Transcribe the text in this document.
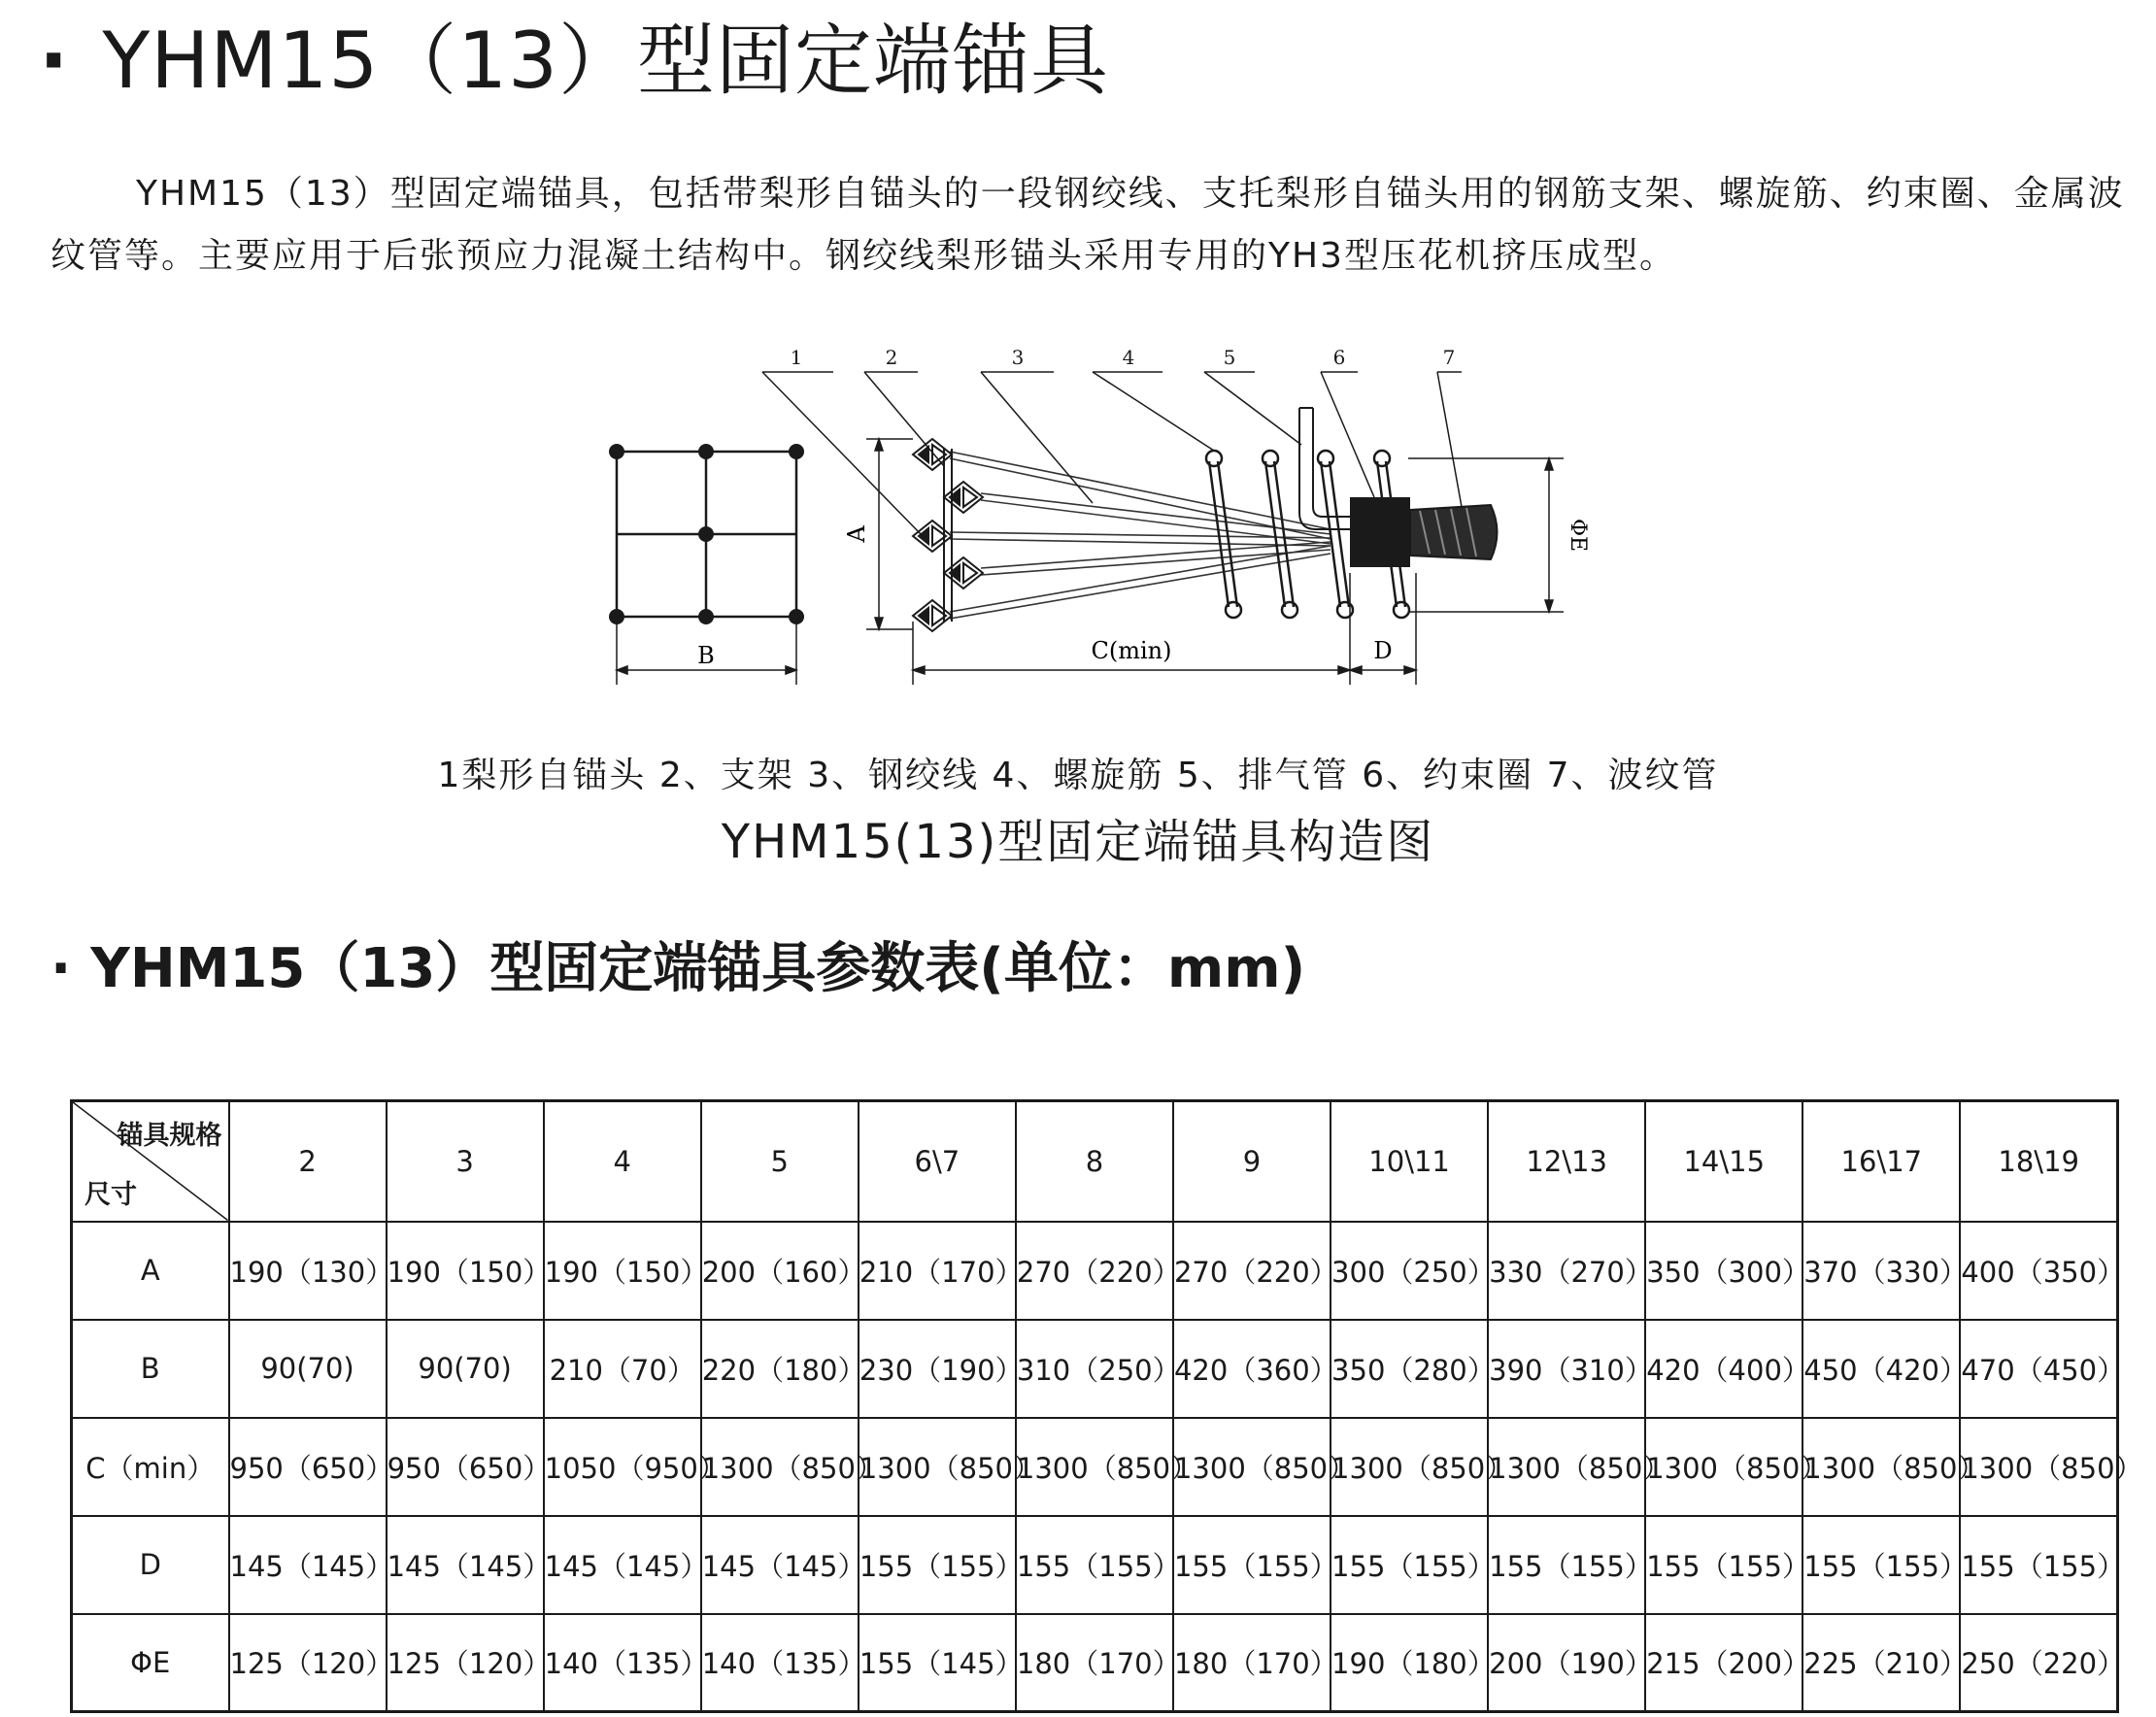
· YHM15（13）型固定端锚具

YHM15（13）型固定端锚具，包括带梨形自锚头的一段钢绞线、支托梨形自锚头用的钢筋支架、螺旋筋、约束圈、金属波纹管等。主要应用于后张预应力混凝土结构中。钢绞线梨形锚头采用专用的YH3型压花机挤压成型。

B
A	ΦE
C(min)	D
1	2	3	4	5	6	7
1梨形自锚头 2、支架 3、钢绞线 4、螺旋筋 5、排气管 6、约束圈 7、波纹管
YHM15(13)型固定端锚具构造图
· YHM15（13）型固定端锚具参数表(单位：mm)
锚具规格
尺寸	2	3	4	5	6\7	8	9	10\11	12\13	14\15	16\17	18\19
A	190（130）	190（150）	190（150）	200（160）	210（170）	270（220）	270（220）	300（250）	330（270）	350（300）	370（330）	400（350）
B	90(70)	90(70)	210（70）	220（180）	230（190）	310（250）	420（360）	350（280）	390（310）	420（400）	450（420）	470（450）
C（min）	950（650）	950（650）	1050（950）	1300（850）	1300（850）	1300（850）	1300（850）	1300（850）	1300（850）	1300（850）	1300（850）	1300（850）
D	145（145）	145（145）	145（145）	145（145）	155（155）	155（155）	155（155）	155（155）	155（155）	155（155）	155（155）	155（155）
ΦE	125（120）	125（120）	140（135）	140（135）	155（145）	180（170）	180（170）	190（180）	200（190）	215（200）	225（210）	250（220）
